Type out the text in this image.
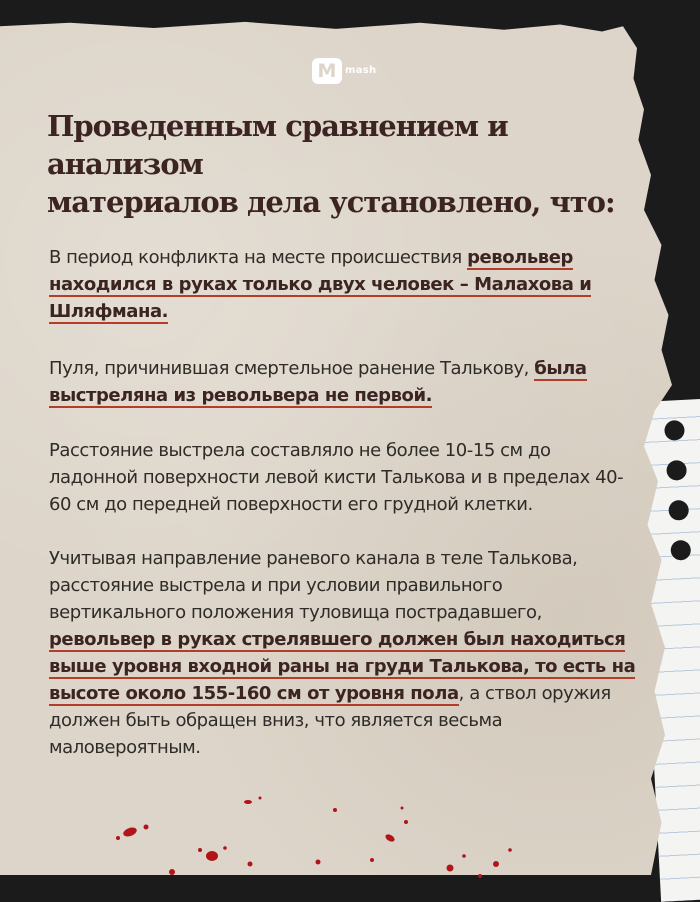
M mash
Проведенным сравнением и анализом
материалов дела установлено, что:

В период конфликта на месте происшествия револьвер находился в руках только двух человек – Малахова и Шляфмана.

Пуля, причинившая смертельное ранение Талькову, была выстреляна из револьвера не первой.

Расстояние выстрела составляло не более 10-15 см до ладонной поверхности левой кисти Талькова и в пределах 40-60 см до передней поверхности его грудной клетки.

Учитывая направление раневого канала в теле Талькова, расстояние выстрела и при условии правильного вертикального положения туловища пострадавшего, револьвер в руках стрелявшего должен был находиться выше уровня входной раны на груди Талькова, то есть на высоте около 155-160 см от уровня пола, а ствол оружия должен быть обращен вниз, что является весьма маловероятным.
